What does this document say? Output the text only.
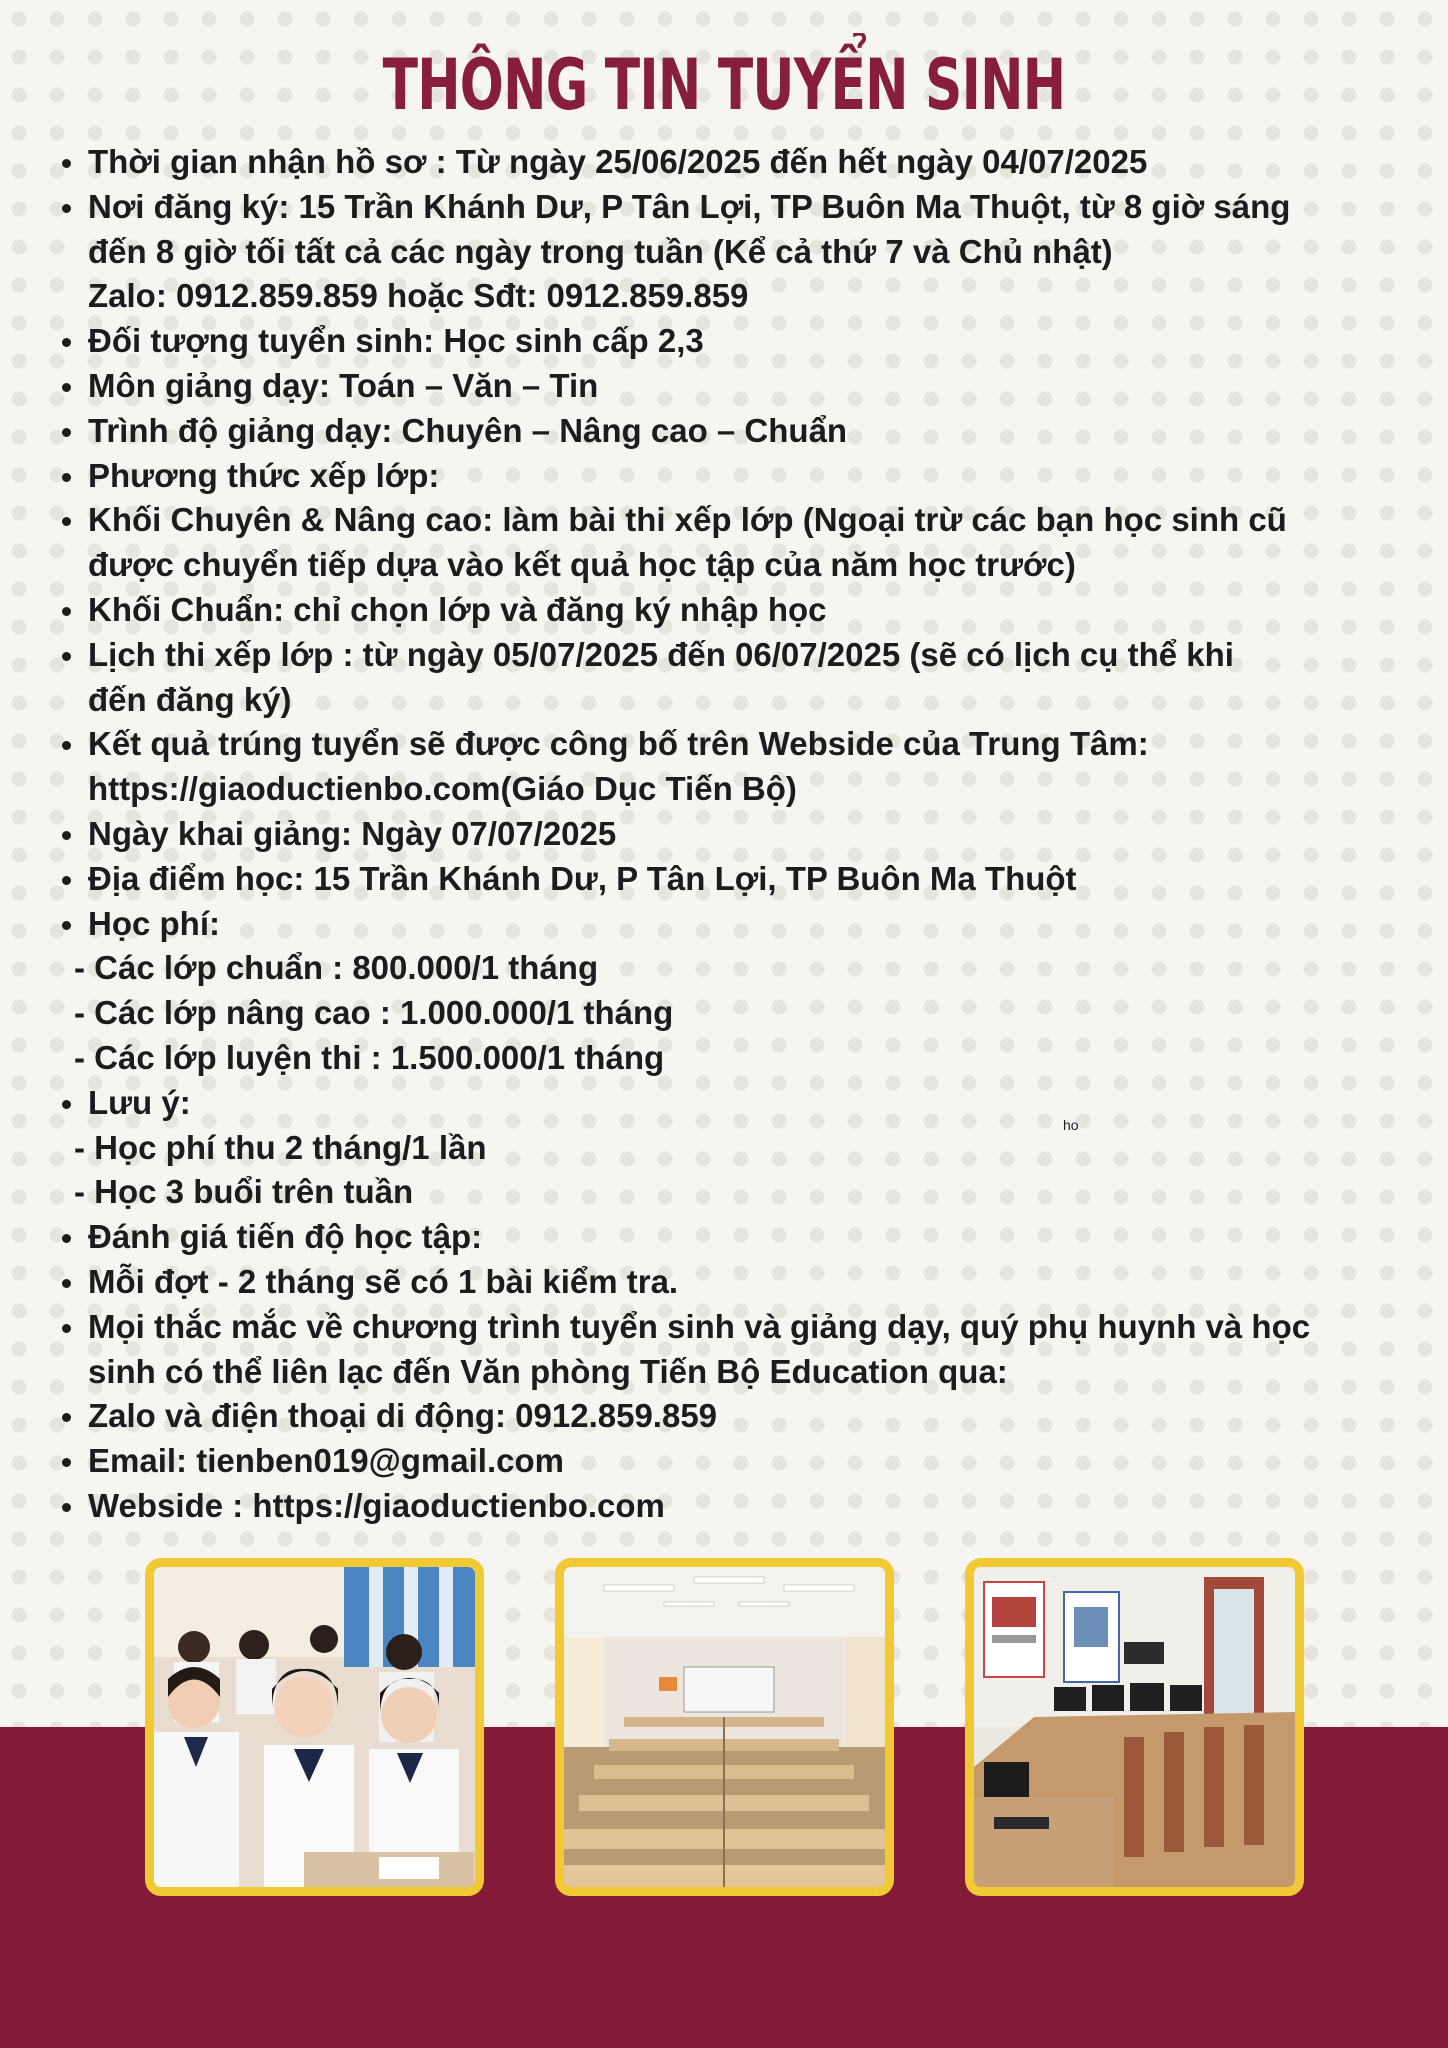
THÔNG TIN TUYỂN SINH
Thời gian nhận hồ sơ : Từ ngày 25/06/2025 đến hết ngày 04/07/2025
Nơi đăng ký: 15 Trần Khánh Dư, P Tân Lợi, TP Buôn Ma Thuột, từ 8 giờ sáng
đến 8 giờ tối tất cả các ngày trong tuần (Kể cả thứ 7 và Chủ nhật)
Zalo: 0912.859.859 hoặc Sđt: 0912.859.859
Đối tượng tuyển sinh: Học sinh cấp 2,3
Môn giảng dạy: Toán – Văn – Tin
Trình độ giảng dạy: Chuyên – Nâng cao – Chuẩn
Phương thức xếp lớp:
Khối Chuyên & Nâng cao: làm bài thi xếp lớp (Ngoại trừ các bạn học sinh cũ
được chuyển tiếp dựa vào kết quả học tập của năm học trước)
Khối Chuẩn: chỉ chọn lớp và đăng ký nhập học
Lịch thi xếp lớp : từ ngày 05/07/2025 đến 06/07/2025 (sẽ có lịch cụ thể khi
đến đăng ký)
Kết quả trúng tuyển sẽ được công bố trên Webside của Trung Tâm:
https://giaoductienbo.com(Giáo Dục Tiến Bộ)
Ngày khai giảng: Ngày 07/07/2025
Địa điểm học: 15 Trần Khánh Dư, P Tân Lợi, TP Buôn Ma Thuột
Học phí:
- Các lớp chuẩn : 800.000/1 tháng
- Các lớp nâng cao : 1.000.000/1 tháng
- Các lớp luyện thi : 1.500.000/1 tháng
Lưu ý:
- Học phí thu 2 tháng/1 lần
- Học 3 buổi trên tuần
Đánh giá tiến độ học tập:
Mỗi đợt - 2 tháng sẽ có 1 bài kiểm tra.
Mọi thắc mắc về chương trình tuyển sinh và giảng dạy, quý phụ huynh và học
sinh có thể liên lạc đến Văn phòng Tiến Bộ Education qua:
Zalo và điện thoại di động: 0912.859.859
Email: tienben019@gmail.com
Webside : https://giaoductienbo.com
ho
